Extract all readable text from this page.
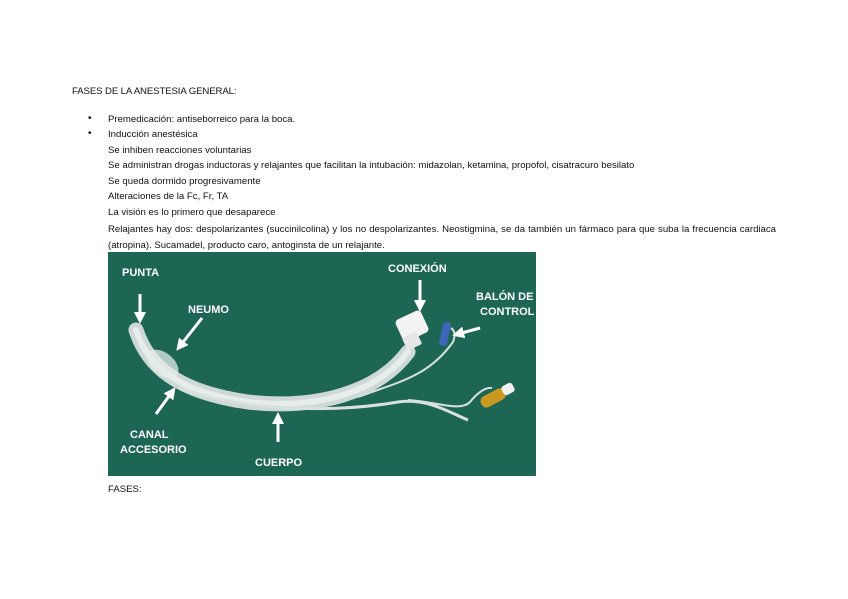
FASES DE LA ANESTESIA GENERAL:
• Premedicación: antiseborreico para la boca.
• Inducción anestésica
Se inhiben reacciones voluntarias
Se administran drogas inductoras y relajantes que facilitan la intubación: midazolan, ketamina, propofol, cisatracuro besilato
Se queda dormido progresivamente
Alteraciones de la Fc, Fr, TA
La visión es lo primero que desaparece
Relajantes hay dos: despolarizantes (succinilcolina) y los no despolarizantes. Neostigmina, se da también un fármaco para que suba la frecuencia cardiaca (atropina). Sucamadel, producto caro, antoginsta de un relajante.
PUNTA
NEUMO
CONEXIÓN
BALÓN DE
CONTROL
CANAL
ACCESORIO
CUERPO
FASES:
